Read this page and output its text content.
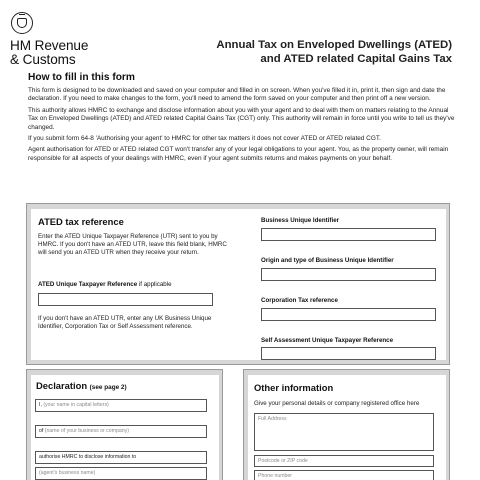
HM Revenue
& Customs
Annual Tax on Enveloped Dwellings (ATED)
and ATED related Capital Gains Tax
How to fill in this form

This form is designed to be downloaded and saved on your computer and filled in on screen. When you've filled it in, print it, then sign and date the declaration. If you need to make changes to the form, you'll need to amend the form saved on your computer and then print off a new version.

This authority allows HMRC to exchange and disclose information about you with your agent and to deal with them on matters relating to the Annual Tax on Enveloped Dwellings (ATED) and ATED related Capital Gains Tax (CGT) only. This authority will remain in force until you write to tell us they've changed.

If you submit form 64-8 'Authorising your agent' to HMRC for other tax matters it does not cover ATED or ATED related CGT.

Agent authorisation for ATED or ATED related CGT won't transfer any of your legal obligations to your agent. You, as the property owner, will remain responsible for all aspects of your dealings with HMRC, even if your agent submits returns and makes payments on your behalf.

ATED tax reference
Enter the ATED Unique Taxpayer Reference (UTR) sent to you by HMRC. If you don't have an ATED UTR, leave this field blank, HMRC will send you an ATED UTR when they receive your return.
ATED Unique Taxpayer Reference if applicable
If you don't have an ATED UTR, enter any UK Business Unique Identifier, Corporation Tax or Self Assessment reference.
Business Unique Identifier
Origin and type of Business Unique Identifier
Corporation Tax reference
Self Assessment Unique Taxpayer Reference
Declaration (see page 2)
I, (your name in capital letters)
of (name of your business or company)
authorise HMRC to disclose information to
(agent's business name)
Other information
Give your personal details or company registered office here
Full Address
Postcode or ZIP code
Phone number
